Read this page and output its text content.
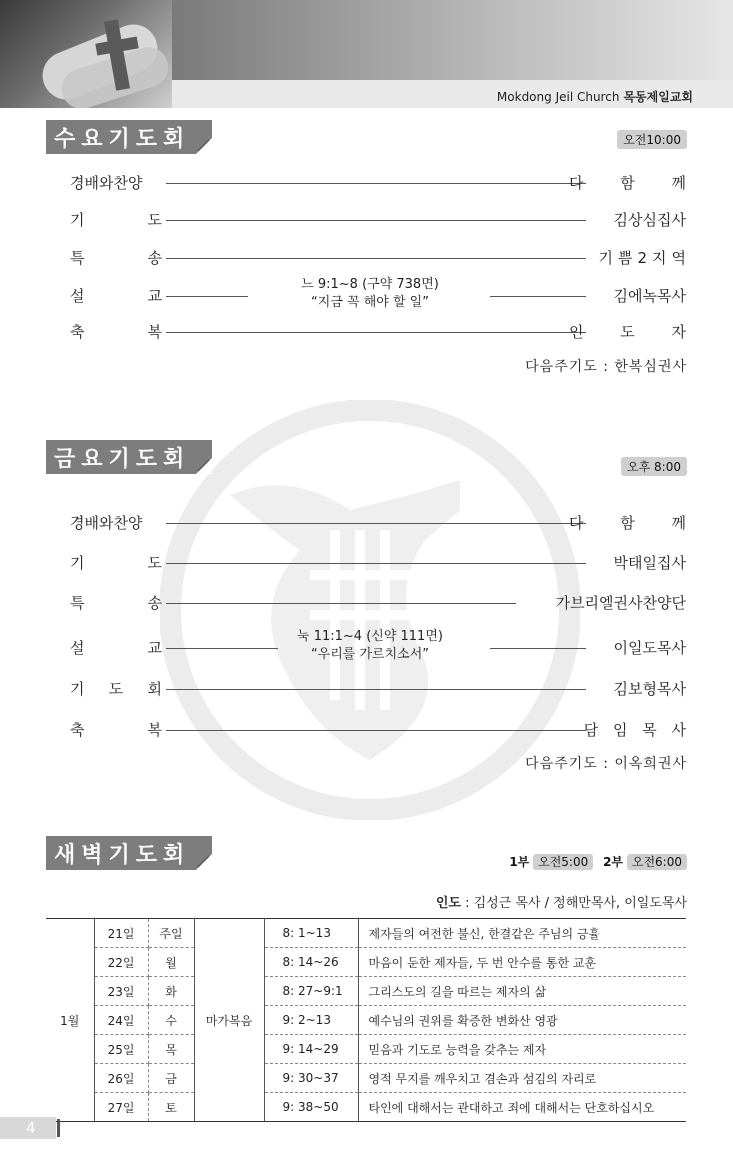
Mokdong Jeil Church 목동제일교회
수요기도회	오전10:00
경배와찬양	다 함 께
기	도	김상심집사
특	송	기쁨2지역
설	교	김에녹목사
느 9:1~8 (구약 738면)
“지금 꼭 해야 할 일”
축	복	인 도 자
다음주기도 : 한복심권사
금요기도회	오후 8:00
경배와찬양	다 함 께
기	도	박태일집사
특	송	가브리엘권사찬양단
설	교	이일도목사
눅 11:1~4 (신약 111면)
“우리를 가르치소서”
기 도 회	김보형목사
축	복	담 임 목 사
다음주기도 : 이옥희권사
새벽기도회	1부 오전5:00 2부 오전6:00
인도 : 김성근 목사 / 정해만목사, 이일도목사
1월	21일	주일	마가복음	8: 1~13	제자들의 여전한 불신, 한결같은 주님의 긍휼
	22일	월		8: 14~26	마음이 둔한 제자들, 두 번 안수를 통한 교훈
	23일	화		8: 27~9:1	그리스도의 길을 따르는 제자의 삶
	24일	수		9: 2~13	예수님의 권위를 확증한 변화산 영광
	25일	목		9: 14~29	믿음과 기도로 능력을 갖추는 제자
	26일	금		9: 30~37	영적 무지를 깨우치고 겸손과 섬김의 자리로
	27일	토		9: 38~50	타인에 대해서는 관대하고 죄에 대해서는 단호하십시오
4
